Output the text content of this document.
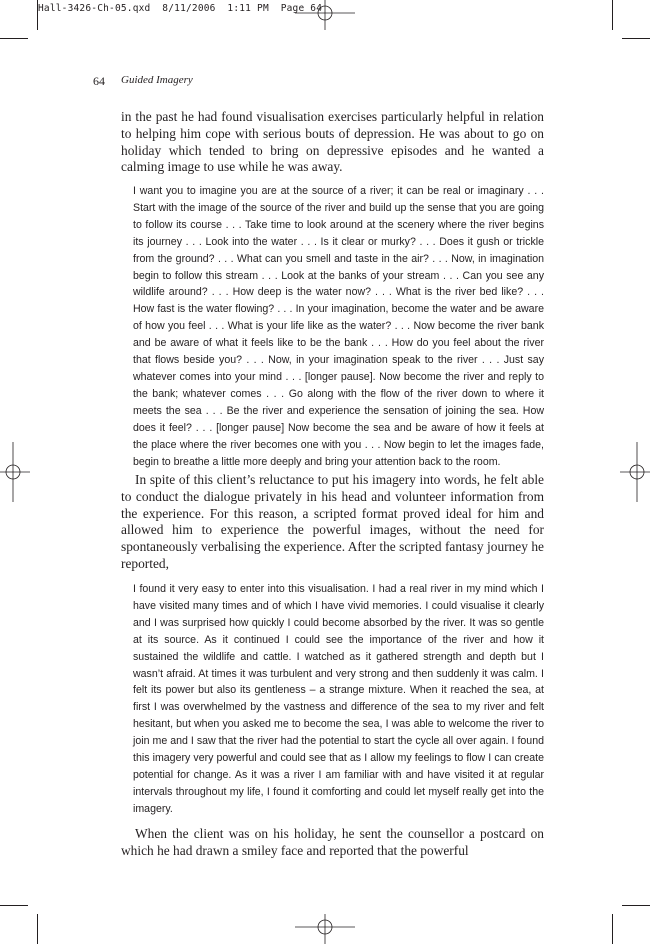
Hall-3426-Ch-05.qxd  8/11/2006  1:11 PM  Page 64
64 Guided Imagery

in the past he had found visualisation exercises particularly helpful in relation to helping him cope with serious bouts of depression. He was about to go on holiday which tended to bring on depressive episodes and he wanted a calming image to use while he was away.

I want you to imagine you are at the source of a river; it can be real or imaginary . . . Start with the image of the source of the river and build up the sense that you are going to follow its course . . . Take time to look around at the scenery where the river begins its journey . . . Look into the water . . . Is it clear or murky? . . . Does it gush or trickle from the ground? . . . What can you smell and taste in the air? . . . Now, in imagination begin to follow this stream . . . Look at the banks of your stream . . . Can you see any wildlife around? . . . How deep is the water now? . . . What is the river bed like? . . . How fast is the water flowing? . . . In your imagination, become the water and be aware of how you feel . . . What is your life like as the water? . . . Now become the river bank and be aware of what it feels like to be the bank . . . How do you feel about the river that flows beside you? . . . Now, in your imagination speak to the river . . . Just say whatever comes into your mind . . . [longer pause]. Now become the river and reply to the bank; whatever comes . . . Go along with the flow of the river down to where it meets the sea . . . Be the river and experience the sensation of joining the sea. How does it feel? . . . [longer pause] Now become the sea and be aware of how it feels at the place where the river becomes one with you . . . Now begin to let the images fade, begin to breathe a little more deeply and bring your attention back to the room.

In spite of this client’s reluctance to put his imagery into words, he felt able to conduct the dialogue privately in his head and volunteer information from the experience. For this reason, a scripted format proved ideal for him and allowed him to experience the powerful images, without the need for spontaneously verbalising the experience. After the scripted fantasy journey he reported,

I found it very easy to enter into this visualisation. I had a real river in my mind which I have visited many times and of which I have vivid memories. I could visualise it clearly and I was surprised how quickly I could become absorbed by the river. It was so gentle at its source. As it continued I could see the importance of the river and how it sustained the wildlife and cattle. I watched as it gathered strength and depth but I wasn’t afraid. At times it was turbulent and very strong and then suddenly it was calm. I felt its power but also its gentleness – a strange mixture. When it reached the sea, at first I was overwhelmed by the vastness and difference of the sea to my river and felt hesitant, but when you asked me to become the sea, I was able to welcome the river to join me and I saw that the river had the potential to start the cycle all over again. I found this imagery very powerful and could see that as I allow my feelings to flow I can create potential for change. As it was a river I am familiar with and have visited it at regular intervals throughout my life, I found it comforting and could let myself really get into the imagery.

When the client was on his holiday, he sent the counsellor a postcard on which he had drawn a smiley face and reported that the powerful
